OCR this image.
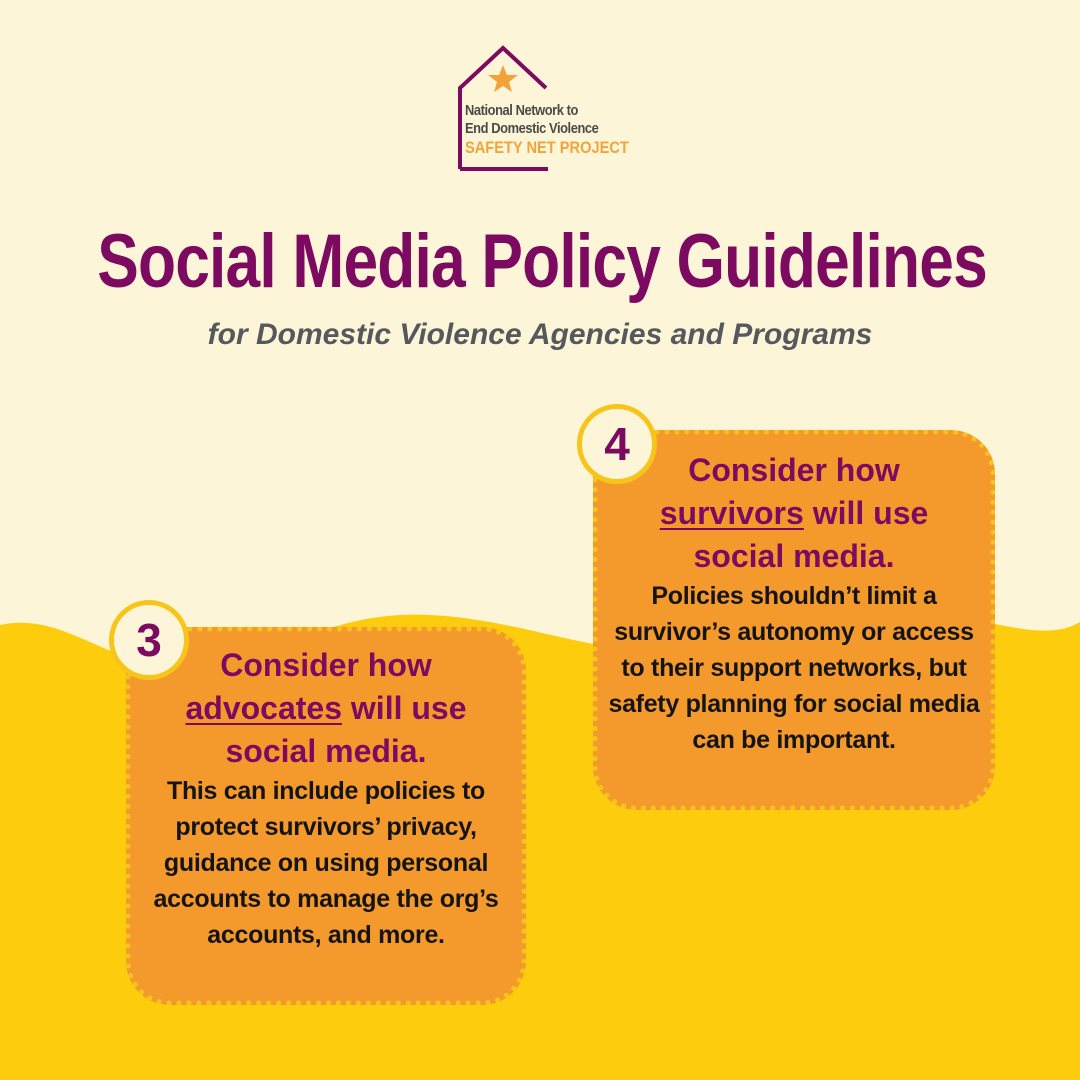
National Network to
End Domestic Violence
SAFETY NET PROJECT
Social Media Policy Guidelines

for Domestic Violence Agencies and Programs

Consider how
advocates will use
social media.
This can include policies to protect survivors’ privacy, guidance on using personal accounts to manage the org’s accounts, and more.
3
Consider how
survivors will use
social media.
Policies shouldn’t limit a survivor’s autonomy or access to their support networks, but safety planning for social media can be important.
4
